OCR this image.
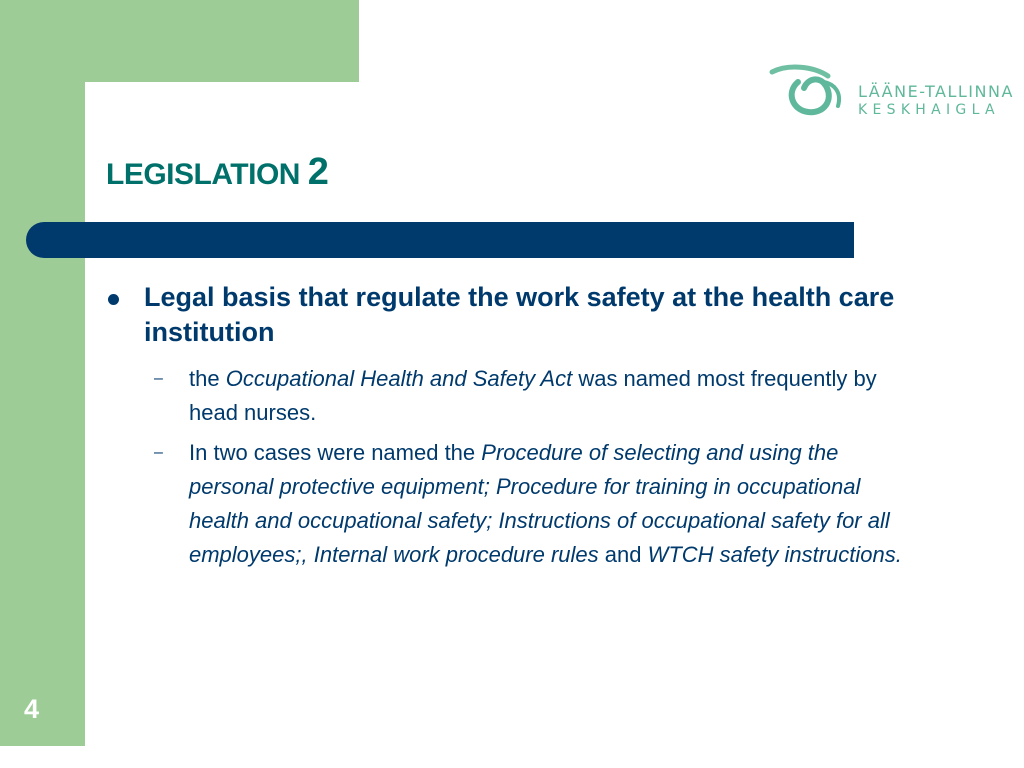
LÄÄNE-TALLINNA
KESKHAIGLA
LEGISLATION 2
Legal basis that regulate the work safety at the health care institution
– the Occupational Health and Safety Act was named most frequently by head nurses.
– In two cases were named the Procedure of selecting and using the personal protective equipment; Procedure for training in occupational health and occupational safety; Instructions of occupational safety for all employees;, Internal work procedure rules and WTCH safety instructions.
4
